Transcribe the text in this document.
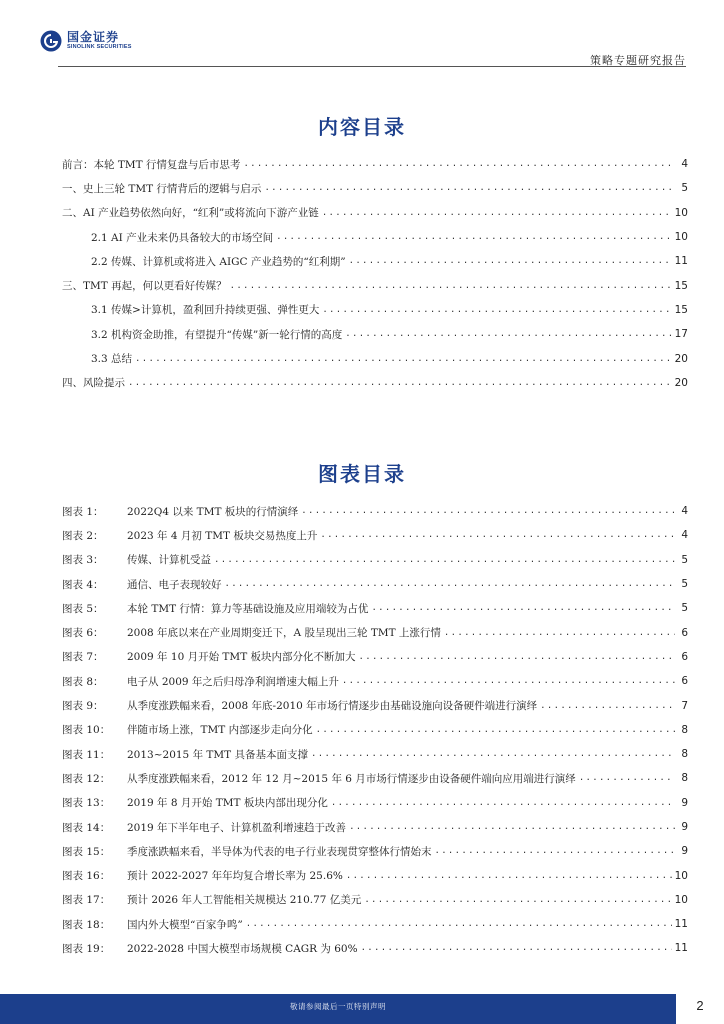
国金证券
SINOLINK SECURITIES
策略专题研究报告
内容目录
前言：本轮 TMT 行情复盘与后市思考 .....	4
一、史上三轮 TMT 行情背后的逻辑与启示 .....	5
二、AI 产业趋势依然向好，“红利”或将流向下游产业链 .....	10
2.1 AI 产业未来仍具备较大的市场空间 .....	10
2.2 传媒、计算机或将进入 AIGC 产业趋势的“红利期” .....	11
三、TMT 再起，何以更看好传媒？ .....	15
3.1 传媒>计算机，盈利回升持续更强、弹性更大 .....	15
3.2 机构资金助推，有望提升“传媒”新一轮行情的高度 .....	17
3.3 总结 .....	20
四、风险提示 .....	20
图表目录
图表 1：	2022Q4 以来 TMT 板块的行情演绎 .....	4
图表 2：	2023 年 4 月初 TMT 板块交易热度上升 .....	4
图表 3：	传媒、计算机受益 .....	5
图表 4：	通信、电子表现较好 .....	5
图表 5：	本轮 TMT 行情：算力等基础设施及应用端较为占优 .....	5
图表 6：	2008 年底以来在产业周期变迁下，A 股呈现出三轮 TMT 上涨行情 .....	6
图表 7：	2009 年 10 月开始 TMT 板块内部分化不断加大 .....	6
图表 8：	电子从 2009 年之后归母净利润增速大幅上升 .....	6
图表 9：	从季度涨跌幅来看，2008 年底-2010 年市场行情逐步由基础设施向设备硬件端进行演绎 .....	7
图表 10：	伴随市场上涨，TMT 内部逐步走向分化 .....	8
图表 11：	2013~2015 年 TMT 具备基本面支撑 .....	8
图表 12：	从季度涨跌幅来看，2012 年 12 月~2015 年 6 月市场行情逐步由设备硬件端向应用端进行演绎 .....	8
图表 13：	2019 年 8 月开始 TMT 板块内部出现分化 .....	9
图表 14：	2019 年下半年电子、计算机盈利增速趋于改善 .....	9
图表 15：	季度涨跌幅来看，半导体为代表的电子行业表现贯穿整体行情始末 .....	9
图表 16：	预计 2022-2027 年年均复合增长率为 25.6% .....	10
图表 17：	预计 2026 年人工智能相关规模达 210.77 亿美元 .....	10
图表 18：	国内外大模型“百家争鸣” .....	11
图表 19：	2022-2028 中国大模型市场规模 CAGR 为 60% .....	11
敬请参阅最后一页特别声明	2
